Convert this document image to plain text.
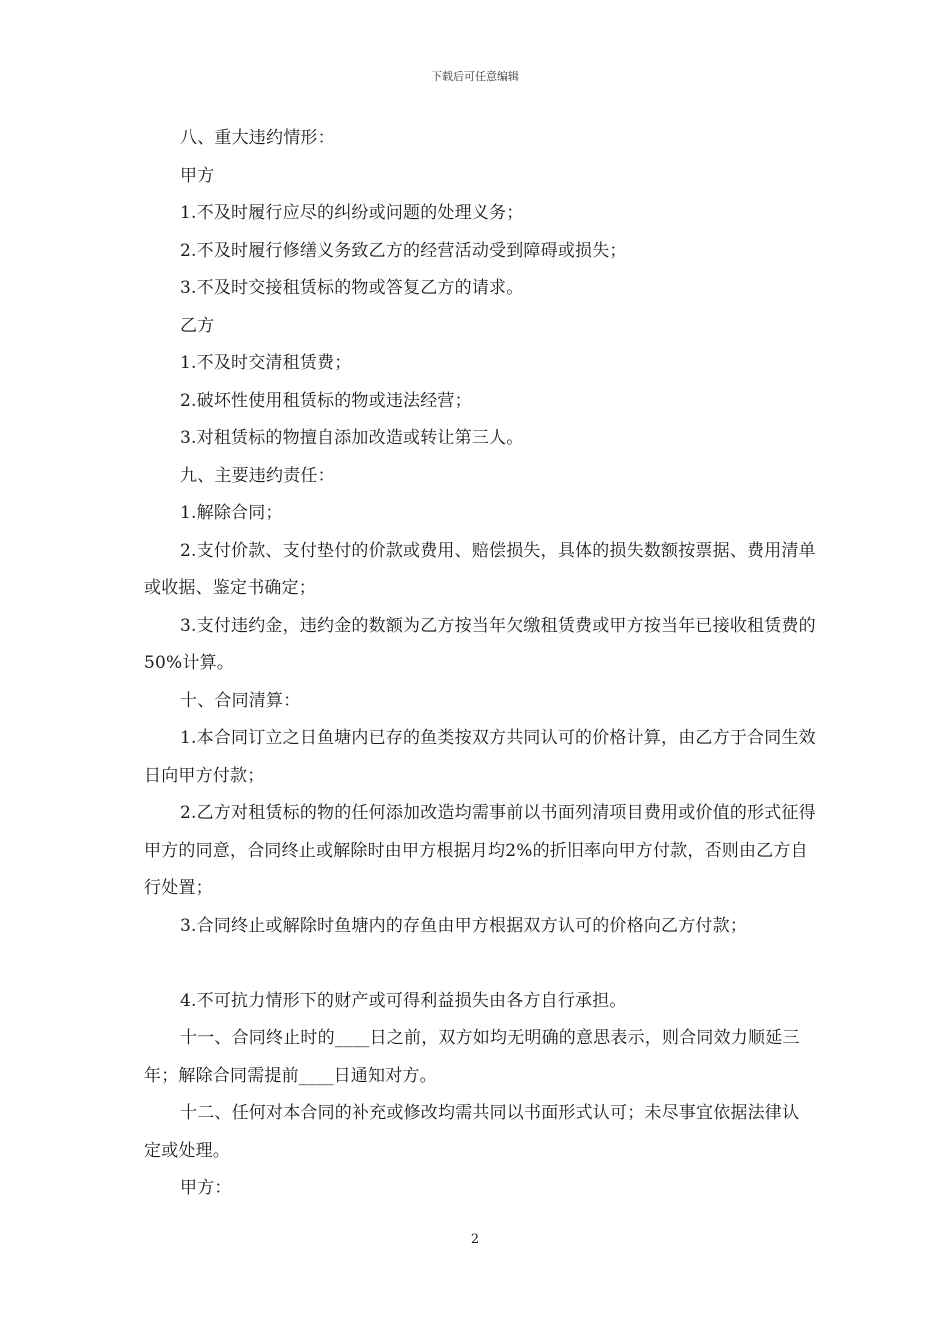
下载后可任意编辑

八、重大违约情形：

甲方

1.不及时履行应尽的纠纷或问题的处理义务；

2.不及时履行修缮义务致乙方的经营活动受到障碍或损失；

3.不及时交接租赁标的物或答复乙方的请求。

乙方

1.不及时交清租赁费；

2.破坏性使用租赁标的物或违法经营；

3.对租赁标的物擅自添加改造或转让第三人。

九、主要违约责任：

1.解除合同；

2.支付价款、支付垫付的价款或费用、赔偿损失，具体的损失数额按票据、费用清单或收据、鉴定书确定；

3.支付违约金，违约金的数额为乙方按当年欠缴租赁费或甲方按当年已接收租赁费的50%计算。

十、合同清算：

1.本合同订立之日鱼塘内已存的鱼类按双方共同认可的价格计算，由乙方于合同生效日向甲方付款；

2.乙方对租赁标的物的任何添加改造均需事前以书面列清项目费用或价值的形式征得甲方的同意，合同终止或解除时由甲方根据月均2%的折旧率向甲方付款，否则由乙方自行处置；

3.合同终止或解除时鱼塘内的存鱼由甲方根据双方认可的价格向乙方付款；

4.不可抗力情形下的财产或可得利益损失由各方自行承担。

十一、合同终止时的____日之前，双方如均无明确的意思表示，则合同效力顺延三年；解除合同需提前____日通知对方。

十二、任何对本合同的补充或修改均需共同以书面形式认可；未尽事宜依据法律认定或处理。

甲方：

2
